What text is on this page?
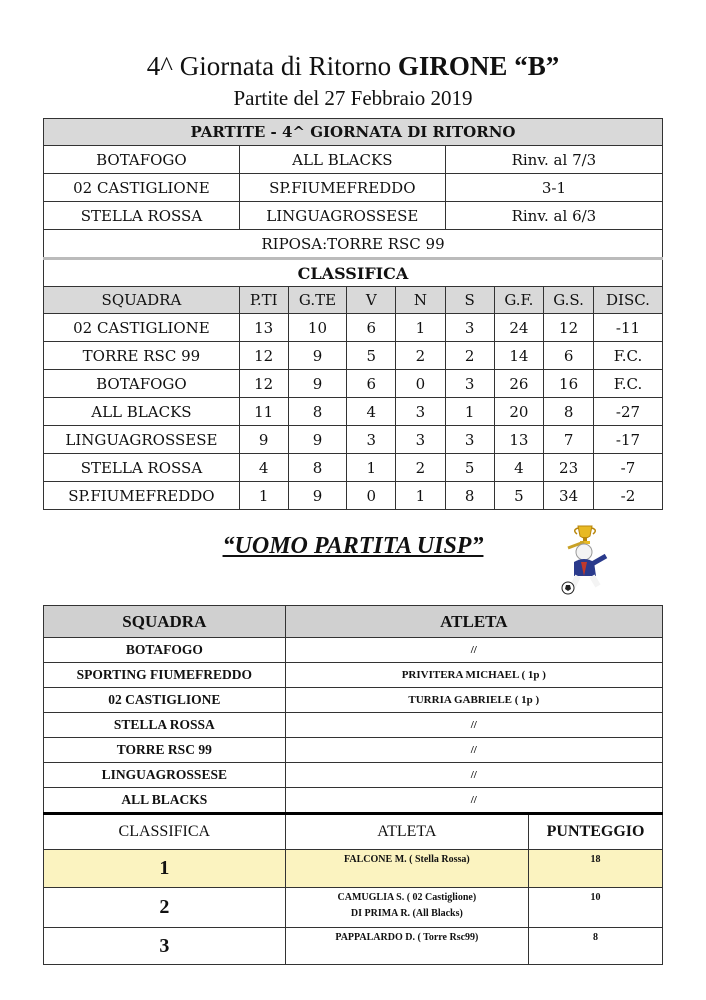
4^ Giornata di Ritorno GIRONE “B”
Partite del 27 Febbraio 2019
PARTITE - 4^ GIORNATA DI RITORNO								
BOTAFOGO	ALL BLACKS				Rinv. al 7/3			
02 CASTIGLIONE	SP.FIUMEFREDDO				3-1			
STELLA ROSSA	LINGUAGROSSESE				Rinv. al 6/3			
RIPOSA:TORRE RSC 99								
CLASSIFICA								
SQUADRA	P.TI	G.TE	V	N	S	G.F.	G.S.	DISC.
02 CASTIGLIONE	13	10	6	1	3	24	12	-11
TORRE RSC 99	12	9	5	2	2	14	6	F.C.
BOTAFOGO	12	9	6	0	3	26	16	F.C.
ALL BLACKS	11	8	4	3	1	20	8	-27
LINGUAGROSSESE	9	9	3	3	3	13	7	-17
STELLA ROSSA	4	8	1	2	5	4	23	-7
SP.FIUMEFREDDO	1	9	0	1	8	5	34	-2
“UOMO PARTITA UISP”
SQUADRA	ATLETA	
BOTAFOGO	//	
SPORTING FIUMEFREDDO	PRIVITERA MICHAEL ( 1p )	
02 CASTIGLIONE	TURRIA GABRIELE ( 1p )	
STELLA ROSSA	//	
TORRE RSC 99	//	
LINGUAGROSSESE	//	
ALL BLACKS	//	
CLASSIFICA	ATLETA	PUNTEGGIO
1	FALCONE M. ( Stella Rossa)	18
2	CAMUGLIA S. ( 02 Castiglione)
DI PRIMA R. (All Blacks)	10
3	PAPPALARDO D. ( Torre Rsc99)	8
